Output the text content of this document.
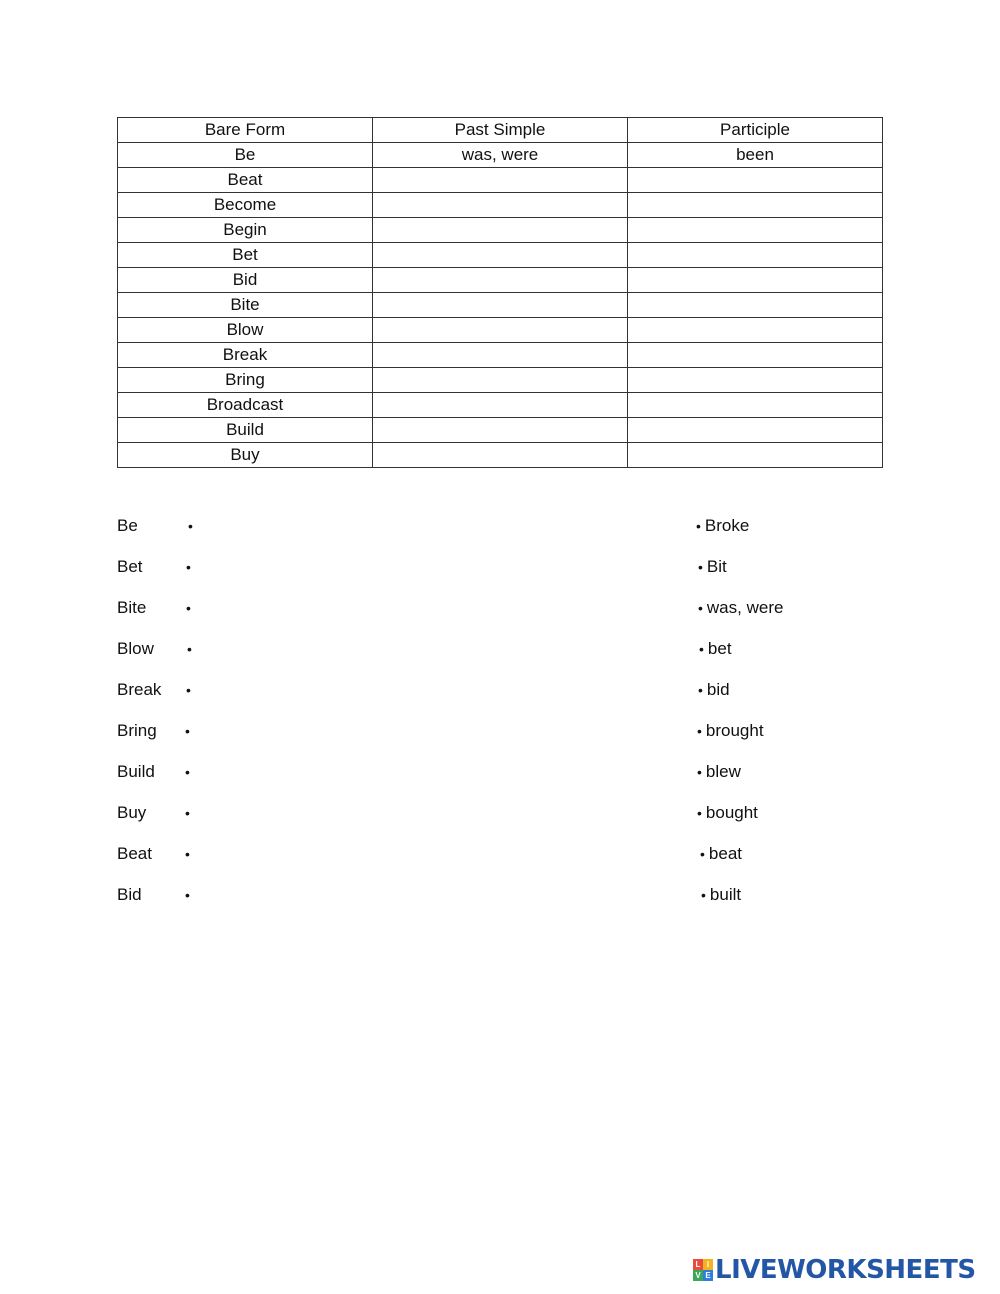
Bare Form	Past Simple	Participle
Be	was, were	been
Beat		
Become		
Begin		
Bet		
Bid		
Bite		
Blow		
Break		
Bring		
Broadcast		
Build		
Buy		
Be	•
Bet	•
Bite	•
Blow •
Break •
Bring •
Build •
Buy	•
Beat •
Bid	•
• Broke
• Bit
• was, were
• bet
• bid
• brought
• blew
• bought
• beat
• built
L I
V E LIVEWORKSHEETS
